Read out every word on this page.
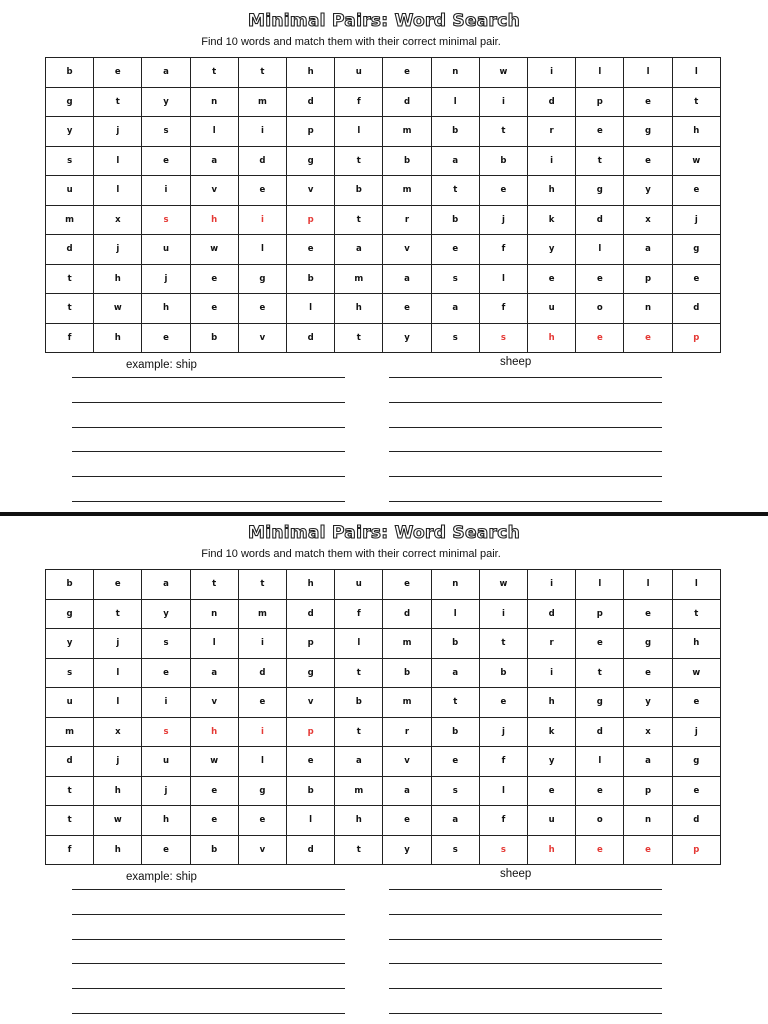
Minimal Pairs: Word Search
Find 10 words and match them with their correct minimal pair.
b	e	a	t	t	h	u	e	n	w	i	l	l	l
g	t	y	n	m	d	f	d	l	i	d	p	e	t
y	j	s	l	i	p	l	m	b	t	r	e	g	h
s	l	e	a	d	g	t	b	a	b	i	t	e	w
u	l	i	v	e	v	b	m	t	e	h	g	y	e
m	x	s	h	i	p	t	r	b	j	k	d	x	j
d	j	u	w	l	e	a	v	e	f	y	l	a	g
t	h	j	e	g	b	m	a	s	l	e	e	p	e
t	w	h	e	e	l	h	e	a	f	u	o	n	d
f	h	e	b	v	d	t	y	s	s	h	e	e	p
example: ship	sheep
Minimal Pairs: Word Search
Find 10 words and match them with their correct minimal pair.
b	e	a	t	t	h	u	e	n	w	i	l	l	l
g	t	y	n	m	d	f	d	l	i	d	p	e	t
y	j	s	l	i	p	l	m	b	t	r	e	g	h
s	l	e	a	d	g	t	b	a	b	i	t	e	w
u	l	i	v	e	v	b	m	t	e	h	g	y	e
m	x	s	h	i	p	t	r	b	j	k	d	x	j
d	j	u	w	l	e	a	v	e	f	y	l	a	g
t	h	j	e	g	b	m	a	s	l	e	e	p	e
t	w	h	e	e	l	h	e	a	f	u	o	n	d
f	h	e	b	v	d	t	y	s	s	h	e	e	p
example: ship	sheep
